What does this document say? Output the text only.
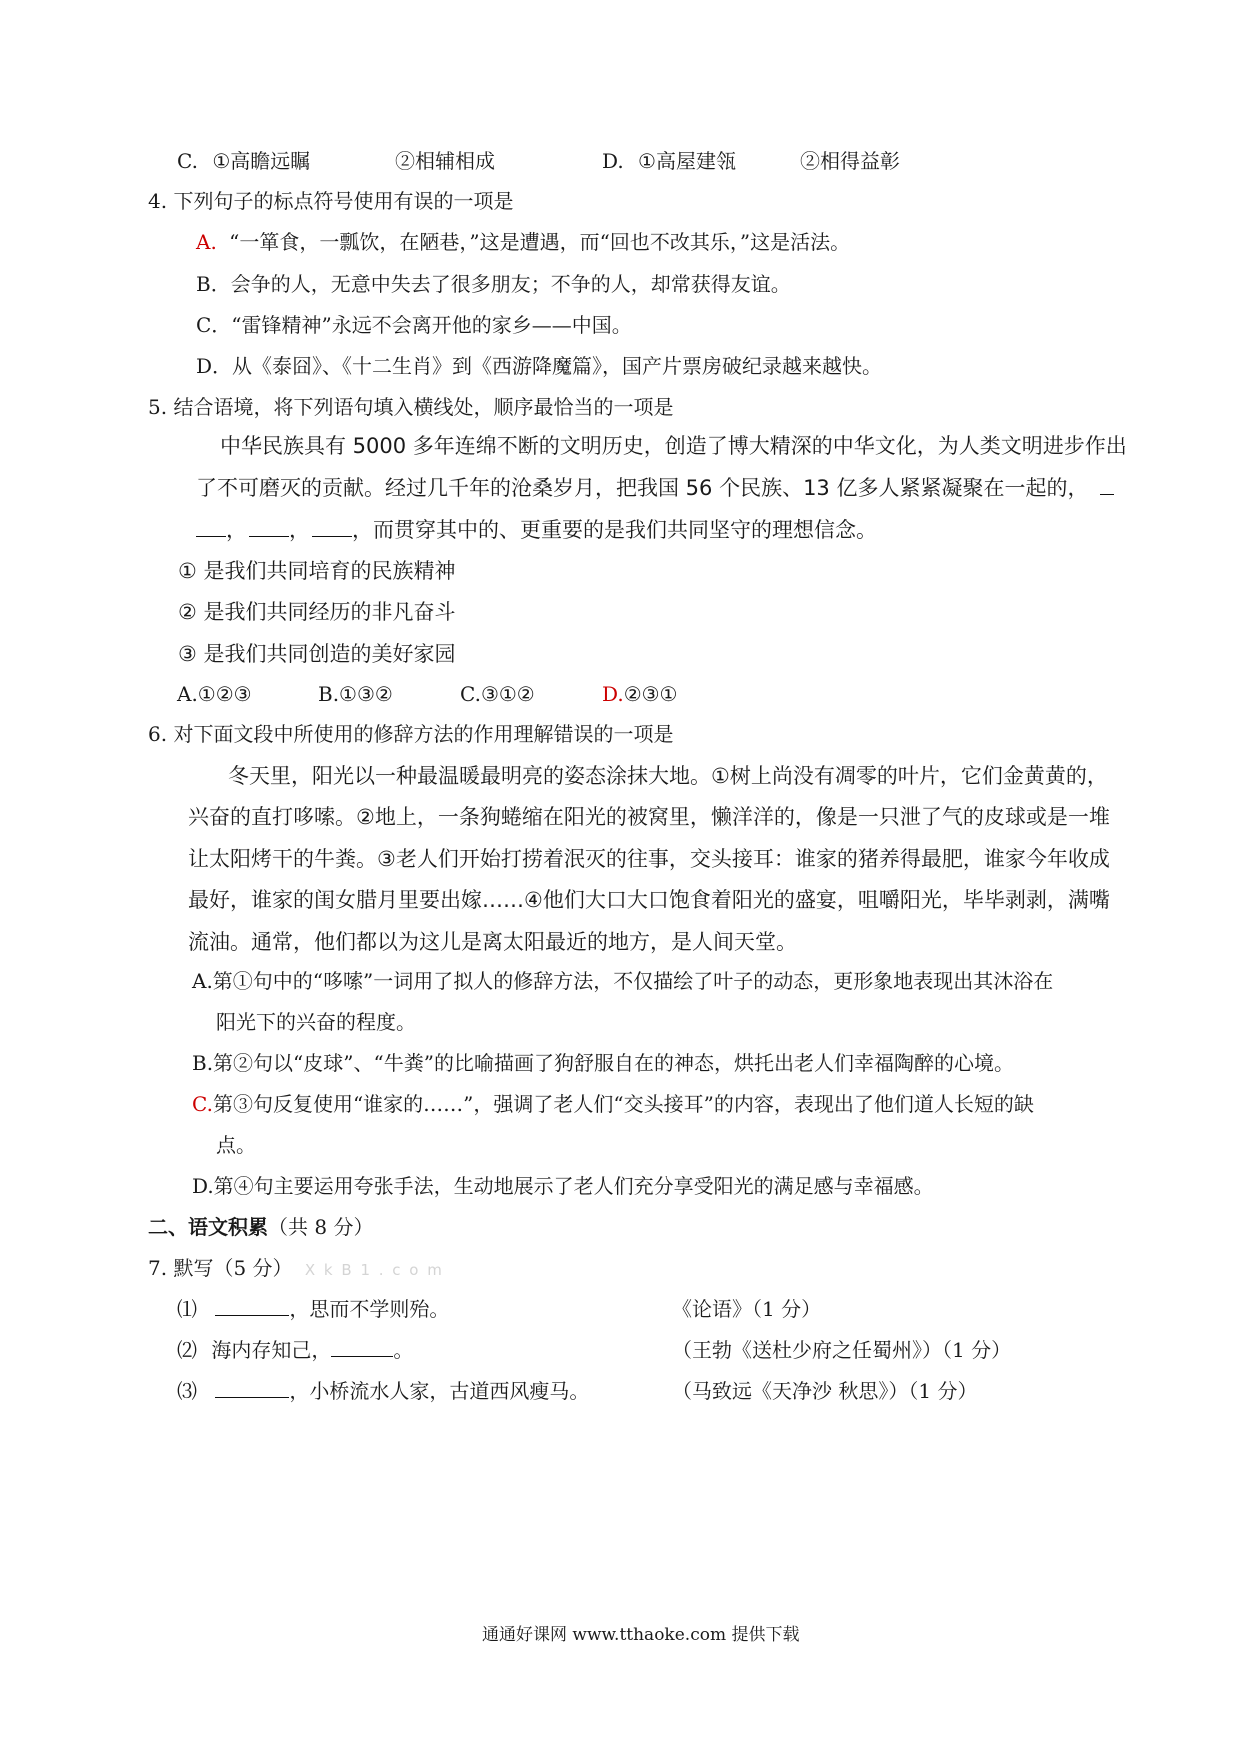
C. ①高瞻远瞩	②相辅相成	D. ①高屋建瓴	②相得益彰
4. 下列句子的标点符号使用有误的一项是
A. “一箪食，一瓢饮，在陋巷，”这是遭遇，而“回也不改其乐，”这是活法。
B．会争的人，无意中失去了很多朋友；不争的人，却常获得友谊。
C．“雷锋精神”永远不会离开他的家乡——中国。
D．从《泰囧》、《十二生肖》到《西游降魔篇》，国产片票房破纪录越来越快。
5. 结合语境，将下列语句填入横线处，顺序最恰当的一项是
中华民族具有 5000 多年连绵不断的文明历史，创造了博大精深的中华文化，为人类文明进步作出
了不可磨灭的贡献。经过几千年的沧桑岁月，把我国 56 个民族、13 亿多人紧紧凝聚在一起的，
， ， ，而贯穿其中的、更重要的是我们共同坚守的理想信念。
① 是我们共同培育的民族精神
② 是我们共同经历的非凡奋斗
③ 是我们共同创造的美好家园
A.①②③	B.①③②	C.③①②	D.②③①
6. 对下面文段中所使用的修辞方法的作用理解错误的一项是
冬天里，阳光以一种最温暖最明亮的姿态涂抹大地。①树上尚没有凋零的叶片，它们金黄黄的，
兴奋的直打哆嗦。②地上，一条狗蜷缩在阳光的被窝里，懒洋洋的，像是一只泄了气的皮球或是一堆
让太阳烤干的牛粪。③老人们开始打捞着泯灭的往事，交头接耳：谁家的猪养得最肥，谁家今年收成
最好，谁家的闺女腊月里要出嫁……④他们大口大口饱食着阳光的盛宴，咀嚼阳光，毕毕剥剥，满嘴
流油。通常，他们都以为这儿是离太阳最近的地方，是人间天堂。
A.第①句中的“哆嗦”一词用了拟人的修辞方法，不仅描绘了叶子的动态，更形象地表现出其沐浴在
阳光下的兴奋的程度。
B.第②句以“皮球”、“牛粪”的比喻描画了狗舒服自在的神态，烘托出老人们幸福陶醉的心境。
C.第③句反复使用“谁家的……”，强调了老人们“交头接耳”的内容，表现出了他们道人长短的缺
点。
D.第④句主要运用夸张手法，生动地展示了老人们充分享受阳光的满足感与幸福感。
二、语文积累（共 8 分）
7. 默写（5 分） X k B 1 . c o m
⑴	，思而不学则殆。	《论语》（1 分）
⑵ 海内存知己，	。	（王勃《送杜少府之任蜀州》）（1 分）
⑶	，小桥流水人家，古道西风瘦马。	（马致远《天净沙 秋思》）（1 分）
通通好课网 www.tthaoke.com 提供下载
